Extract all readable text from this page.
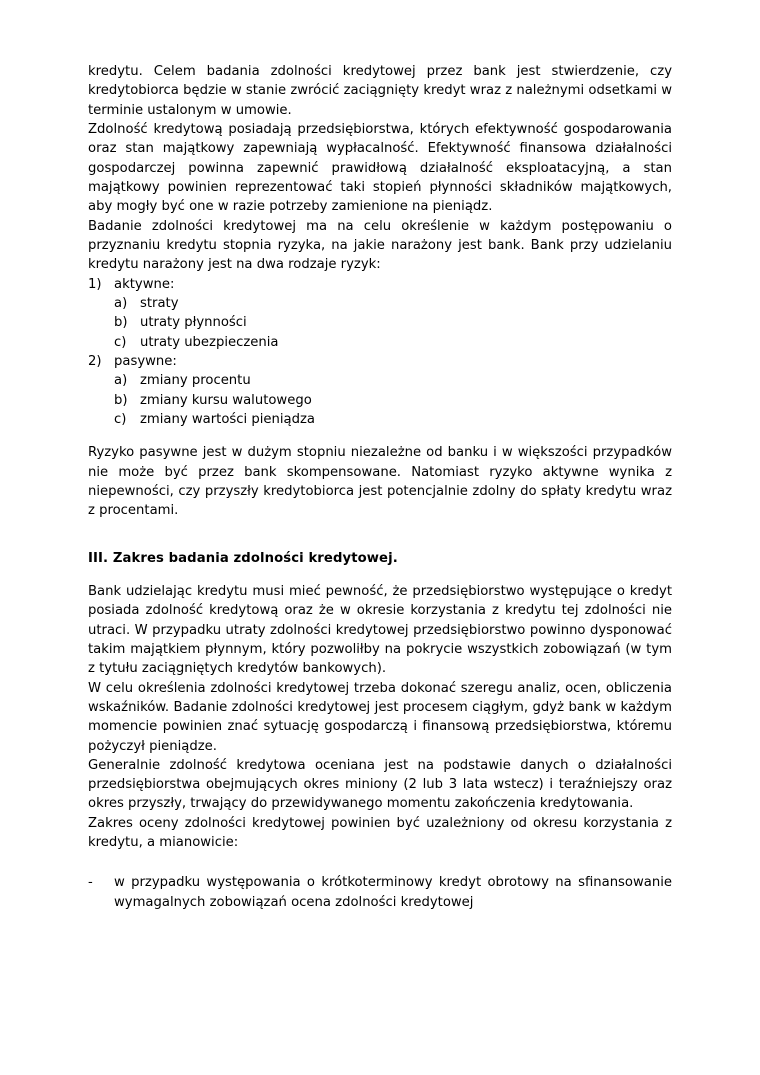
kredytu. Celem badania zdolności kredytowej przez bank jest stwierdzenie, czy kredytobiorca będzie w stanie zwrócić zaciągnięty kredyt wraz z należnymi odsetkami w terminie ustalonym w umowie.

Zdolność kredytową posiadają przedsiębiorstwa, których efektywność gospodarowania oraz stan majątkowy zapewniają wypłacalność. Efektywność finansowa działalności gospodarczej powinna zapewnić prawidłową działalność eksploatacyjną, a stan majątkowy powinien reprezentować taki stopień płynności składników majątkowych, aby mogły być one w razie potrzeby zamienione na pieniądz.

Badanie zdolności kredytowej ma na celu określenie w każdym postępowaniu o przyznaniu kredytu stopnia ryzyka, na jakie narażony jest bank. Bank przy udzielaniu kredytu narażony jest na dwa rodzaje ryzyk:

1) aktywne:
a) straty
b) utraty płynności
c) utraty ubezpieczenia
2) pasywne:
a) zmiany procentu
b) zmiany kursu walutowego
c) zmiany wartości pieniądza

Ryzyko pasywne jest w dużym stopniu niezależne od banku i w większości przypadków nie może być przez bank skompensowane. Natomiast ryzyko aktywne wynika z niepewności, czy przyszły kredytobiorca jest potencjalnie zdolny do spłaty kredytu wraz z procentami.

III. Zakres badania zdolności kredytowej.

Bank udzielając kredytu musi mieć pewność, że przedsiębiorstwo występujące o kredyt posiada zdolność kredytową oraz że w okresie korzystania z kredytu tej zdolności nie utraci. W przypadku utraty zdolności kredytowej przedsiębiorstwo powinno dysponować takim majątkiem płynnym, który pozwoliłby na pokrycie wszystkich zobowiązań (w tym z tytułu zaciągniętych kredytów bankowych).

W celu określenia zdolności kredytowej trzeba dokonać szeregu analiz, ocen, obliczenia wskaźników. Badanie zdolności kredytowej jest procesem ciągłym, gdyż bank w każdym momencie powinien znać sytuację gospodarczą i finansową przedsiębiorstwa, któremu pożyczył pieniądze.

Generalnie zdolność kredytowa oceniana jest na podstawie danych o działalności przedsiębiorstwa obejmujących okres miniony (2 lub 3 lata wstecz) i teraźniejszy oraz okres przyszły, trwający do przewidywanego momentu zakończenia kredytowania.

Zakres oceny zdolności kredytowej powinien być uzależniony od okresu korzystania z kredytu, a mianowicie:

- w przypadku występowania o krótkoterminowy kredyt obrotowy na sfinansowanie wymagalnych zobowiązań ocena zdolności kredytowej
